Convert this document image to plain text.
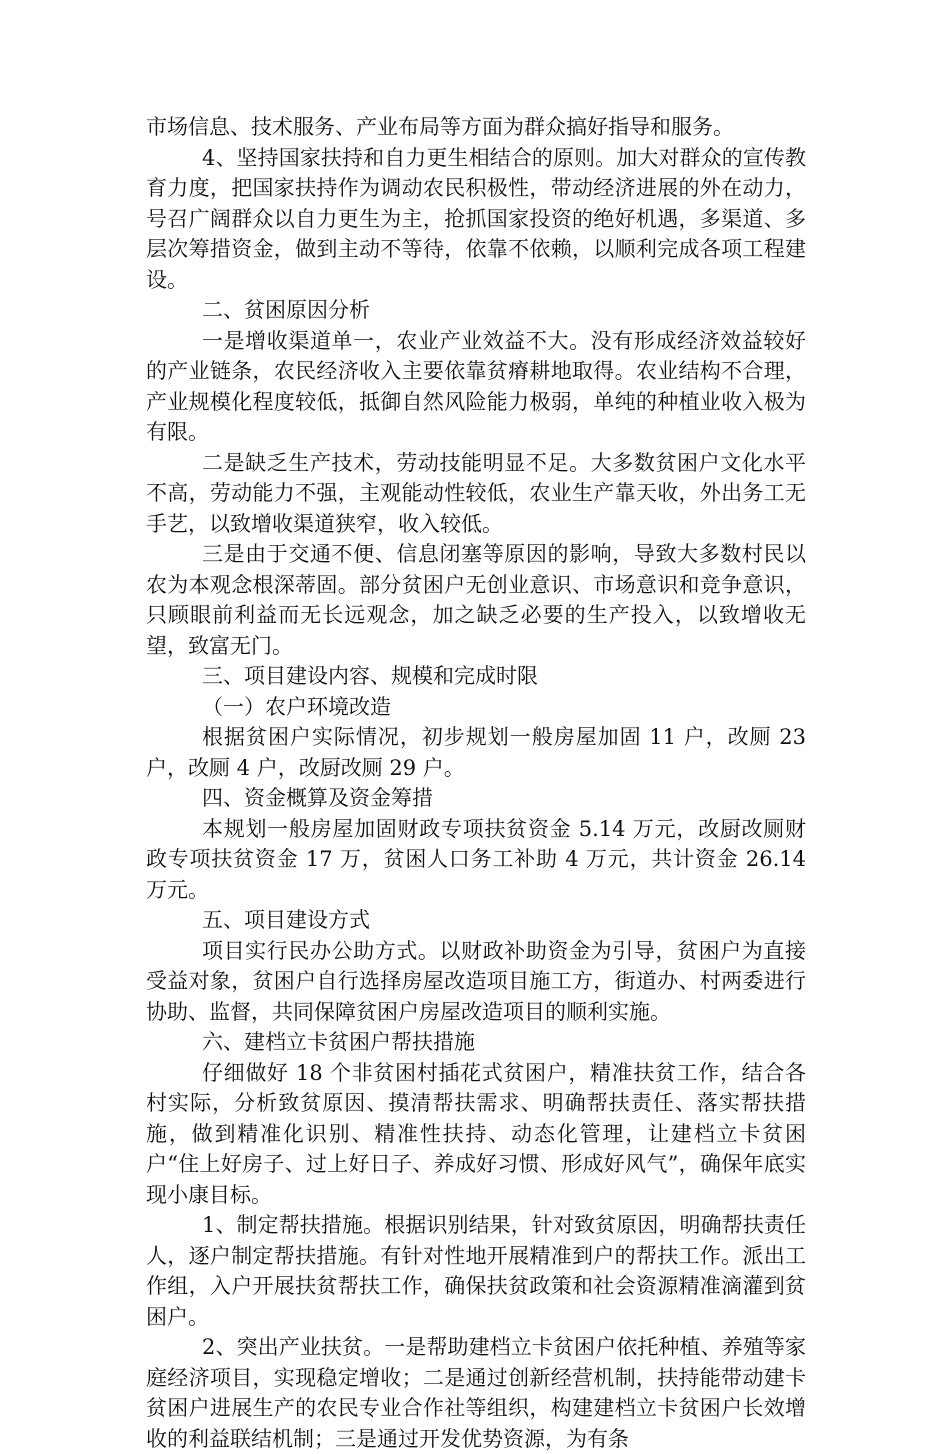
市场信息、技术服务、产业布局等方面为群众搞好指导和服务。

4、坚持国家扶持和自力更生相结合的原则。加大对群众的宣传教育力度，把国家扶持作为调动农民积极性，带动经济进展的外在动力，号召广阔群众以自力更生为主，抢抓国家投资的绝好机遇，多渠道、多层次筹措资金，做到主动不等待，依靠不依赖，以顺利完成各项工程建设。

二、贫困原因分析

一是增收渠道单一，农业产业效益不大。没有形成经济效益较好的产业链条，农民经济收入主要依靠贫瘠耕地取得。农业结构不合理，产业规模化程度较低，抵御自然风险能力极弱，单纯的种植业收入极为有限。

二是缺乏生产技术，劳动技能明显不足。大多数贫困户文化水平不高，劳动能力不强，主观能动性较低，农业生产靠天收，外出务工无手艺，以致增收渠道狭窄，收入较低。

三是由于交通不便、信息闭塞等原因的影响，导致大多数村民以农为本观念根深蒂固。部分贫困户无创业意识、市场意识和竞争意识，只顾眼前利益而无长远观念，加之缺乏必要的生产投入，以致增收无望，致富无门。

三、项目建设内容、规模和完成时限

（一）农户环境改造

根据贫困户实际情况，初步规划一般房屋加固 11 户，改厕 23 户，改厕 4 户，改厨改厕 29 户。

四、资金概算及资金筹措

本规划一般房屋加固财政专项扶贫资金 5.14 万元，改厨改厕财政专项扶贫资金 17 万，贫困人口务工补助 4 万元，共计资金 26.14 万元。

五、项目建设方式

项目实行民办公助方式。以财政补助资金为引导，贫困户为直接受益对象，贫困户自行选择房屋改造项目施工方，街道办、村两委进行协助、监督，共同保障贫困户房屋改造项目的顺利实施。

六、建档立卡贫困户帮扶措施

仔细做好 18 个非贫困村插花式贫困户，精准扶贫工作，结合各村实际，分析致贫原因、摸清帮扶需求、明确帮扶责任、落实帮扶措施，做到精准化识别、精准性扶持、动态化管理，让建档立卡贫困户“住上好房子、过上好日子、养成好习惯、形成好风气”，确保年底实现小康目标。

1、制定帮扶措施。根据识别结果，针对致贫原因，明确帮扶责任人，逐户制定帮扶措施。有针对性地开展精准到户的帮扶工作。派出工作组，入户开展扶贫帮扶工作，确保扶贫政策和社会资源精准滴灌到贫困户。

2、突出产业扶贫。一是帮助建档立卡贫困户依托种植、养殖等家庭经济项目，实现稳定增收；二是通过创新经营机制，扶持能带动建卡贫困户进展生产的农民专业合作社等组织，构建建档立卡贫困户长效增收的利益联结机制；三是通过开发优势资源，为有条
